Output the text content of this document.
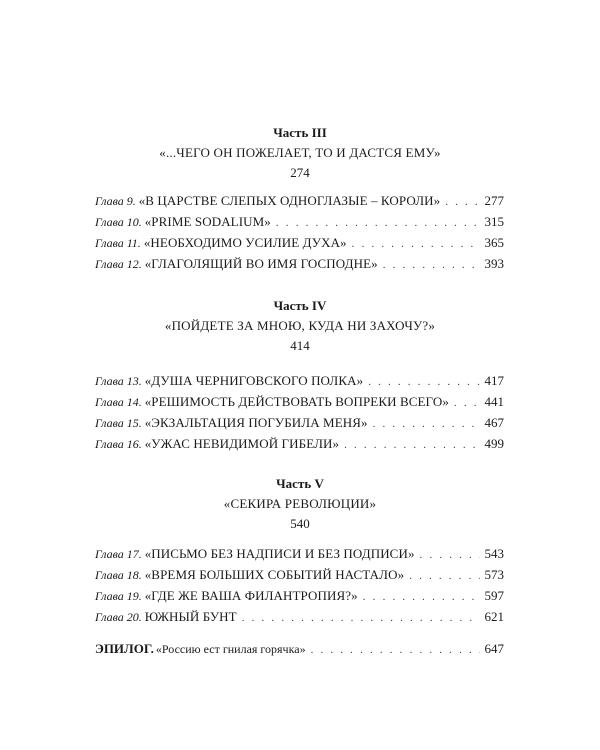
Часть III
«...ЧЕГО ОН ПОЖЕЛАЕТ, ТО И ДАСТСЯ ЕМУ»
274
Глава 9. «В ЦАРСТВЕ СЛЕПЫХ ОДНОГЛАЗЫЕ – КОРОЛИ» . . .	277
Глава 10. «PRIME SODALIUM» . . .	315
Глава 11. «НЕОБХОДИМО УСИЛИЕ ДУХА» . . .	365
Глава 12. «ГЛАГОЛЯЩИЙ ВО ИМЯ ГОСПОДНЕ» . . .	393
Часть IV
«ПОЙДЕТЕ ЗА МНОЮ, КУДА НИ ЗАХОЧУ?»
414
Глава 13. «ДУША ЧЕРНИГОВСКОГО ПОЛКА» . . .	417
Глава 14. «РЕШИМОСТЬ ДЕЙСТВОВАТЬ ВОПРЕКИ ВСЕГО» . . .	441
Глава 15. «ЭКЗАЛЬТАЦИЯ ПОГУБИЛА МЕНЯ» . . .	467
Глава 16. «УЖАС НЕВИДИМОЙ ГИБЕЛИ» . . .	499
Часть V
«СЕКИРА РЕВОЛЮЦИИ»
540
Глава 17. «ПИСЬМО БЕЗ НАДПИСИ И БЕЗ ПОДПИСИ» . . .	543
Глава 18. «ВРЕМЯ БОЛЬШИХ СОБЫТИЙ НАСТАЛО» . . .	573
Глава 19. «ГДЕ ЖЕ ВАША ФИЛАНТРОПИЯ?» . . .	597
Глава 20. ЮЖНЫЙ БУНТ . . .	621
ЭПИЛОГ. «Россию ест гнилая горячка» . . .	647
